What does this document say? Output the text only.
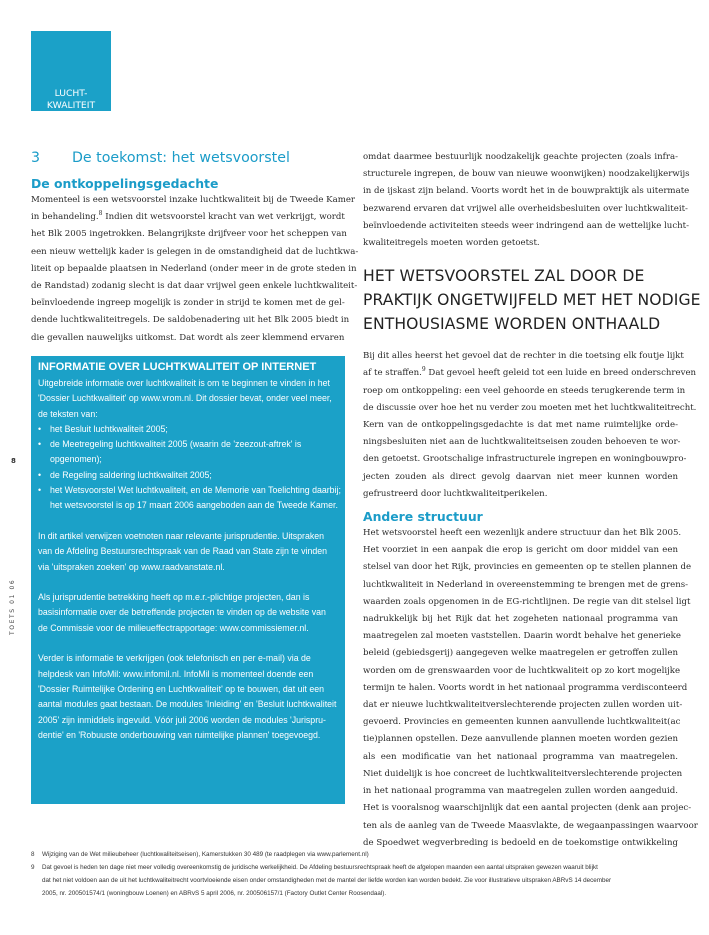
LUCHT-
KWALITEIT
8
TOETS 01 06
3	De toekomst: het wetsvoorstel
De ontkoppelingsgedachte
Momenteel is een wetsvoorstel inzake luchtkwaliteit bij de Tweede Kamer
in behandeling.$^8$ Indien dit wetsvoorstel kracht van wet verkrijgt, wordt
het Blk 2005 ingetrokken. Belangrijkste drijfveer voor het scheppen van
een nieuw wettelijk kader is gelegen in de omstandigheid dat de luchtkwa-
liteit op bepaalde plaatsen in Nederland (onder meer in de grote steden in
de Randstad) zodanig slecht is dat daar vrijwel geen enkele luchtkwaliteit-
beïnvloedende ingreep mogelijk is zonder in strijd te komen met de gel-
dende luchtkwaliteitregels. De saldobenadering uit het Blk 2005 biedt in
die gevallen nauwelijks uitkomst. Dat wordt als zeer klemmend ervaren
INFORMATIE OVER LUCHTKWALITEIT OP INTERNET
Uitgebreide informatie over luchtkwaliteit is om te beginnen te vinden in het
'Dossier Luchtkwaliteit' op www.vrom.nl. Dit dossier bevat, onder veel meer,
de teksten van:
• het Besluit luchtkwaliteit 2005;
• de Meetregeling luchtkwaliteit 2005 (waarin de 'zeezout-aftrek' is
opgenomen);
• de Regeling saldering luchtkwaliteit 2005;
• het Wetsvoorstel Wet luchtkwaliteit, en de Memorie van Toelichting daarbij;
het wetsvoorstel is op 17 maart 2006 aangeboden aan de Tweede Kamer.
In dit artikel verwijzen voetnoten naar relevante jurisprudentie. Uitspraken
van de Afdeling Bestuursrechtspraak van de Raad van State zijn te vinden
via 'uitspraken zoeken' op www.raadvanstate.nl.
Als jurisprudentie betrekking heeft op m.e.r.-plichtige projecten, dan is
basisinformatie over de betreffende projecten te vinden op de website van
de Commissie voor de milieueffectrapportage: www.commissiemer.nl.
Verder is informatie te verkrijgen (ook telefonisch en per e-mail) via de
helpdesk van InfoMil: www.infomil.nl. InfoMil is momenteel doende een
'Dossier Ruimtelijke Ordening en Luchtkwaliteit' op te bouwen, dat uit een
aantal modules gaat bestaan. De modules 'Inleiding' en 'Besluit luchtkwaliteit
2005' zijn inmiddels ingevuld. Vóór juli 2006 worden de modules 'Jurispru-
dentie' en 'Robuuste onderbouwing van ruimtelijke plannen' toegevoegd.
omdat daarmee bestuurlijk noodzakelijk geachte projecten (zoals infra-
structurele ingrepen, de bouw van nieuwe woonwijken) noodzakelijkerwijs
in de ijskast zijn beland. Voorts wordt het in de bouwpraktijk als uitermate
bezwarend ervaren dat vrijwel alle overheidsbesluiten over luchtkwaliteit-
beïnvloedende activiteiten steeds weer indringend aan de wettelijke lucht-
kwaliteitregels moeten worden getoetst.
HET WETSVOORSTEL ZAL DOOR DE
PRAKTIJK ONGETWIJFELD MET HET NODIGE
ENTHOUSIASME WORDEN ONTHAALD
Bij dit alles heerst het gevoel dat de rechter in die toetsing elk foutje lijkt
af te straffen.$^9$ Dat gevoel heeft geleid tot een luide en breed onderschreven
roep om ontkoppeling: een veel gehoorde en steeds terugkerende term in
de discussie over hoe het nu verder zou moeten met het luchtkwaliteitrecht.
Kern van de ontkoppelingsgedachte is dat met name ruimtelijke orde-
ningsbesluiten niet aan de luchtkwaliteitseisen zouden behoeven te wor-
den getoetst. Grootschalige infrastructurele ingrepen en woningbouwpro-
jecten zouden als direct gevolg daarvan niet meer kunnen worden
gefrustreerd door luchtkwaliteitperikelen.
Andere structuur
Het wetsvoorstel heeft een wezenlijk andere structuur dan het Blk 2005.
Het voorziet in een aanpak die erop is gericht om door middel van een
stelsel van door het Rijk, provincies en gemeenten op te stellen plannen de
luchtkwaliteit in Nederland in overeenstemming te brengen met de grens-
waarden zoals opgenomen in de EG-richtlijnen. De regie van dit stelsel ligt
nadrukkelijk bij het Rijk dat het zogeheten nationaal programma van
maatregelen zal moeten vaststellen. Daarin wordt behalve het generieke
beleid (gebiedsgerij) aangegeven welke maatregelen er getroffen zullen
worden om de grenswaarden voor de luchtkwaliteit op zo kort mogelijke
termijn te halen. Voorts wordt in het nationaal programma verdisconteerd
dat er nieuwe luchtkwaliteitverslechterende projecten zullen worden uit-
gevoerd. Provincies en gemeenten kunnen aanvullende luchtkwaliteit(ac
tie)plannen opstellen. Deze aanvullende plannen moeten worden gezien
als een modificatie van het nationaal programma van maatregelen.
Niet duidelijk is hoe concreet de luchtkwaliteitverslechterende projecten
in het nationaal programma van maatregelen zullen worden aangeduid.
Het is vooralsnog waarschijnlijk dat een aantal projecten (denk aan projec-
ten als de aanleg van de Tweede Maasvlakte, de wegaanpassingen waarvoor
de Spoedwet wegverbreding is bedoeld en de toekomstige ontwikkeling
8	Wijziging van de Wet milieubeheer (luchtkwaliteitseisen), Kamerstukken 30 489 (te raadplegen via www.parlement.nl)
9	Dat gevoel is heden ten dage niet meer volledig overeenkomstig de juridische werkelijkheid. De Afdeling bestuursrechtspraak heeft de afgelopen maanden een aantal uitspraken gewezen waaruit blijkt
dat het niet voldoen aan de uit het luchtkwaliteitrecht voortvloeiende eisen onder omstandigheden met de mantel der liefde worden kan worden bedekt. Zie voor illustratieve uitspraken ABRvS 14 december
2005, nr. 200501574/1 (woningbouw Loenen) en ABRvS 5 april 2006, nr. 200506157/1 (Factory Outlet Center Roosendaal).
